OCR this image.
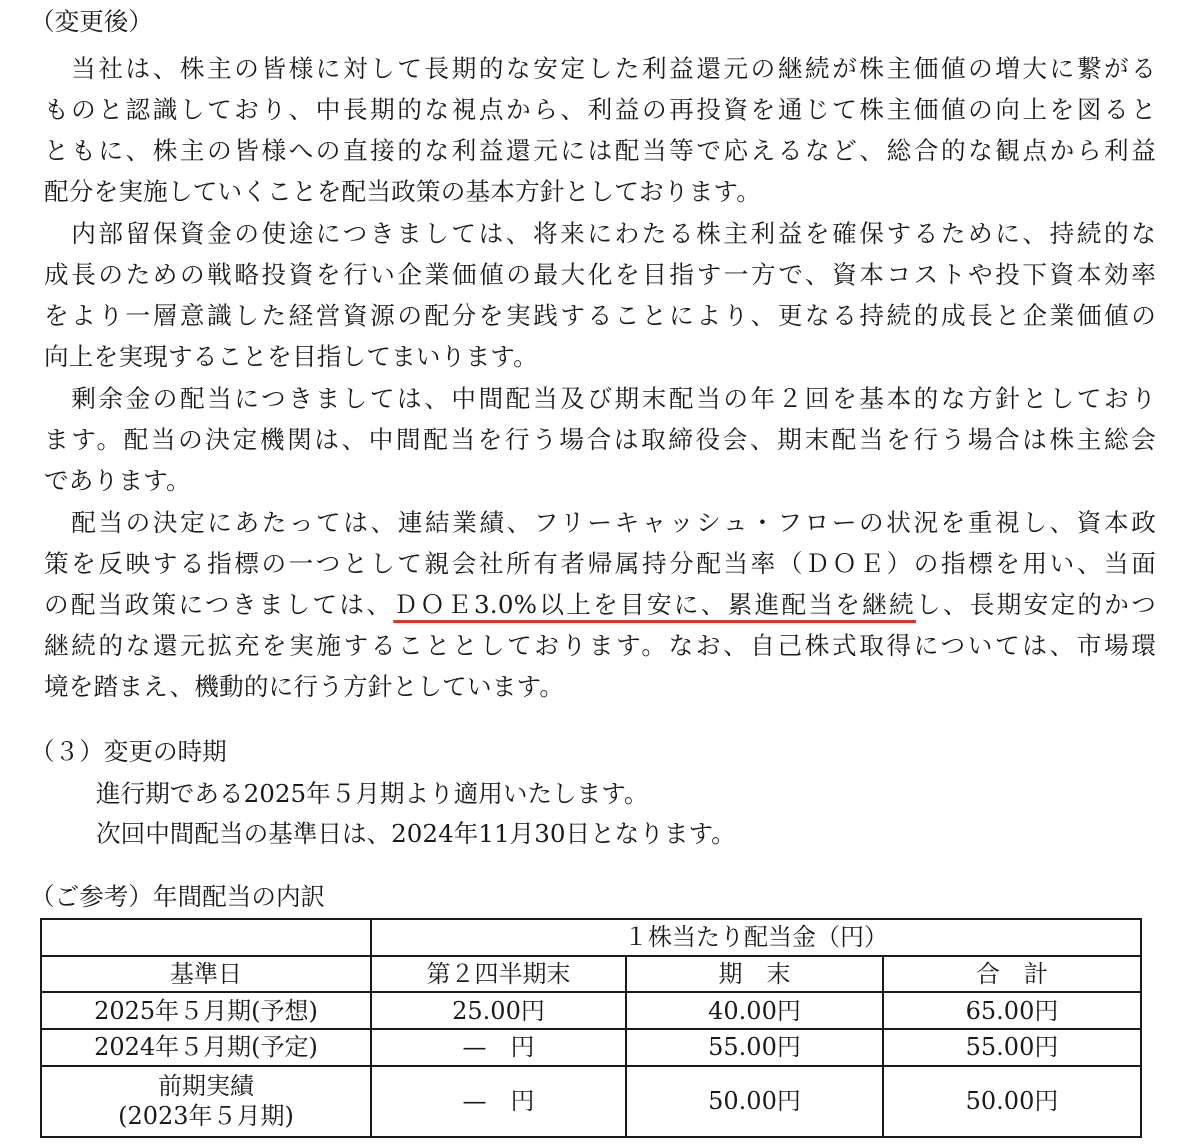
（変更後）
　当社は、株主の皆様に対して長期的な安定した利益還元の継続が株主価値の増大に繋がる
ものと認識しており、中長期的な視点から、利益の再投資を通じて株主価値の向上を図ると
ともに、株主の皆様への直接的な利益還元には配当等で応えるなど、総合的な観点から利益
配分を実施していくことを配当政策の基本方針としております。
　内部留保資金の使途につきましては、将来にわたる株主利益を確保するために、持続的な
成長のための戦略投資を行い企業価値の最大化を目指す一方で、資本コストや投下資本効率
をより一層意識した経営資源の配分を実践することにより、更なる持続的成長と企業価値の
向上を実現することを目指してまいります。
　剰余金の配当につきましては、中間配当及び期末配当の年２回を基本的な方針としており
ます。配当の決定機関は、中間配当を行う場合は取締役会、期末配当を行う場合は株主総会
であります。
　配当の決定にあたっては、連結業績、フリーキャッシュ・フローの状況を重視し、資本政
策を反映する指標の一つとして親会社所有者帰属持分配当率（ＤＯＥ）の指標を用い、当面
の配当政策につきましては、ＤＯＥ3.0%以上を目安に、累進配当を継続し、長期安定的かつ
継続的な還元拡充を実施することとしております。なお、自己株式取得については、市場環
境を踏まえ、機動的に行う方針としています。
（３）変更の時期
進行期である2025年５月期より適用いたします。
次回中間配当の基準日は、2024年11月30日となります。
（ご参考）年間配当の内訳
	１株当たり配当金（円）		
基準日	第２四半期末	期　末	合　計
2025年５月期(予想)	25.00円	40.00円	65.00円
2024年５月期(予定)	—　円	55.00円	55.00円

前期実績
(2023年５月期)	—　円	50.00円	50.00円
